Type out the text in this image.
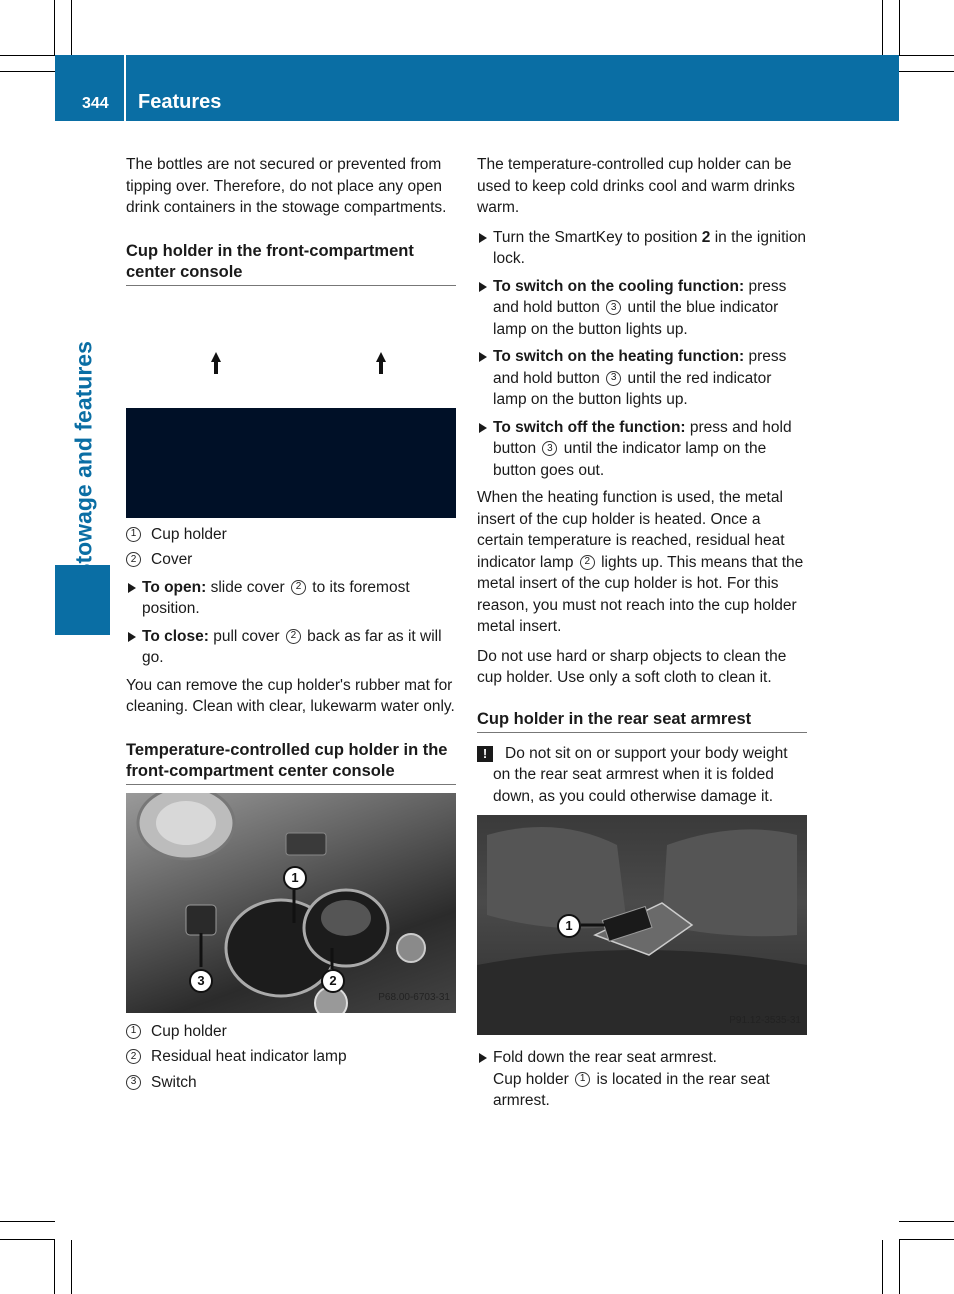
344 Features
Stowage and features

The bottles are not secured or prevented from tipping over. Therefore, do not place any open drink containers in the stowage compartments.

Cup holder in the front-compartment center console
1 Cup holder
2 Cover
To open: slide cover 2 to its foremost position.
To close: pull cover 2 back as far as it will go.

You can remove the cup holder's rubber mat for cleaning. Clean with clear, lukewarm water only.

Temperature-controlled cup holder in the front-compartment center console
1
2
3
P68.00-6703-31
1 Cup holder
2 Residual heat indicator lamp
3 Switch

The temperature-controlled cup holder can be used to keep cold drinks cool and warm drinks warm.

Turn the SmartKey to position 2 in the ignition lock.
To switch on the cooling function: press and hold button 3 until the blue indicator lamp on the button lights up.
To switch on the heating function: press and hold button 3 until the red indicator lamp on the button lights up.
To switch off the function: press and hold button 3 until the indicator lamp on the button goes out.

When the heating function is used, the metal insert of the cup holder is heated. Once a certain temperature is reached, residual heat indicator lamp 2 lights up. This means that the metal insert of the cup holder is hot. For this reason, you must not reach into the cup holder metal insert.

Do not use hard or sharp objects to clean the cup holder. Use only a soft cloth to clean it.

Cup holder in the rear seat armrest
!	Do not sit on or support your body weight on the rear seat armrest when it is folded down, as you could otherwise damage it.
1
P91.12-3535-31
Fold down the rear seat armrest.
Cup holder 1 is located in the rear seat armrest.
